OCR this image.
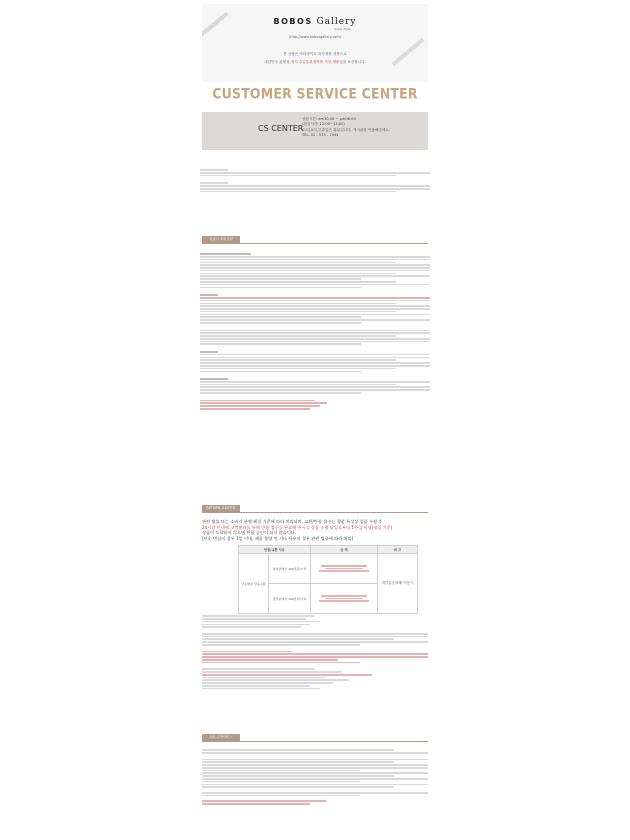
BOBOS Gallery
Since 2001
(http://www.bobosgallery.com)
본 상품은 아더라이트 자사정품 상품으로
대한민국 관세청 정식 수입통관절차를 거친 정품임을 보증합니다.
CUSTOMER SERVICE CENTER
CS CENTER
상담시간: am10:00 ~ pm06:00
(점심시간: 12:00~13:00)
토/일요일,공휴일은 휴무입니다. 게시판을 이용해주세요.
TEL. 02 - 575 - 7444
취급시 주의사항
RETURN 교환/반품
관련 법률 또는 소비자 분쟁 해결 기준에 따라 처리되며, 교환/반품 접수는 행품 특성상 상품 수령 후
24시간 이내에 고객센터를 통해 반품 접수를 완료해 주시고 상품 수령 당일로부터 1주일 이내(평일 기준)
상품이 도착하지 않으면 반품 승인이 되지 않습니다.
[단순 변심의 경우 7일 이내, 제품 불량 및 기타 사유의 경우 관련 법규에 따라 처리]
반품/교환 사유		금 액	비 고
단순변심 상품교환	정상판매가 100만원 이상		대한통운택배 이용시
	정상판매가 100만원 이하		
A/S 고객서비스
